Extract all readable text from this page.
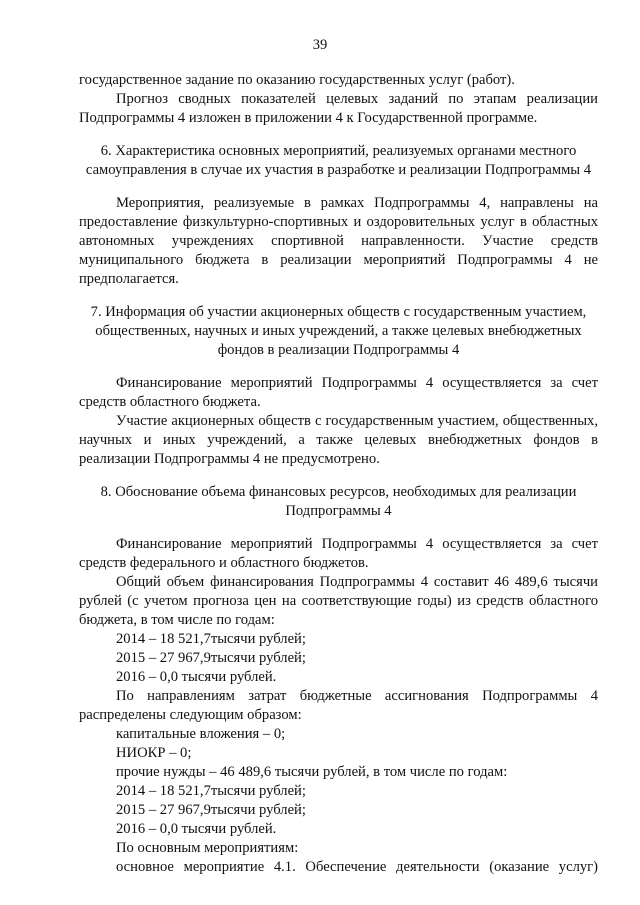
39

государственное задание по оказанию государственных услуг (работ).

Прогноз сводных показателей целевых заданий по этапам реализации Подпрограммы 4 изложен в приложении 4 к Государственной программе.

6. Характеристика основных мероприятий, реализуемых органами местного самоуправления в случае их участия в разработке и реализации Подпрограммы 4

Мероприятия, реализуемые в рамках Подпрограммы 4, направлены на предоставление физкультурно-спортивных и оздоровительных услуг в областных автономных учреждениях спортивной направленности. Участие средств муниципального бюджета в реализации мероприятий Подпрограммы 4 не предполагается.

7. Информация об участии акционерных обществ с государственным участием, общественных, научных и иных учреждений, а также целевых внебюджетных фондов в реализации Подпрограммы 4

Финансирование мероприятий Подпрограммы 4 осуществляется за счет средств областного бюджета.

Участие акционерных обществ с государственным участием, общественных, научных и иных учреждений, а также целевых внебюджетных фондов в реализации Подпрограммы 4 не предусмотрено.

8. Обоснование объема финансовых ресурсов, необходимых для реализации Подпрограммы 4

Финансирование мероприятий Подпрограммы 4 осуществляется за счет средств федерального и областного бюджетов.

Общий объем финансирования Подпрограммы 4 составит 46 489,6 тысячи рублей (с учетом прогноза цен на соответствующие годы) из средств областного бюджета, в том числе по годам:

2014 – 18 521,7тысячи рублей;

2015 – 27 967,9тысячи рублей;

2016 – 0,0 тысячи рублей.

По направлениям затрат бюджетные ассигнования Подпрограммы 4 распределены следующим образом:

капитальные вложения – 0;

НИОКР – 0;

прочие нужды – 46 489,6 тысячи рублей, в том числе по годам:

2014 – 18 521,7тысячи рублей;

2015 – 27 967,9тысячи рублей;

2016 – 0,0 тысячи рублей.

По основным мероприятиям:

основное мероприятие 4.1. Обеспечение деятельности (оказание услуг)
